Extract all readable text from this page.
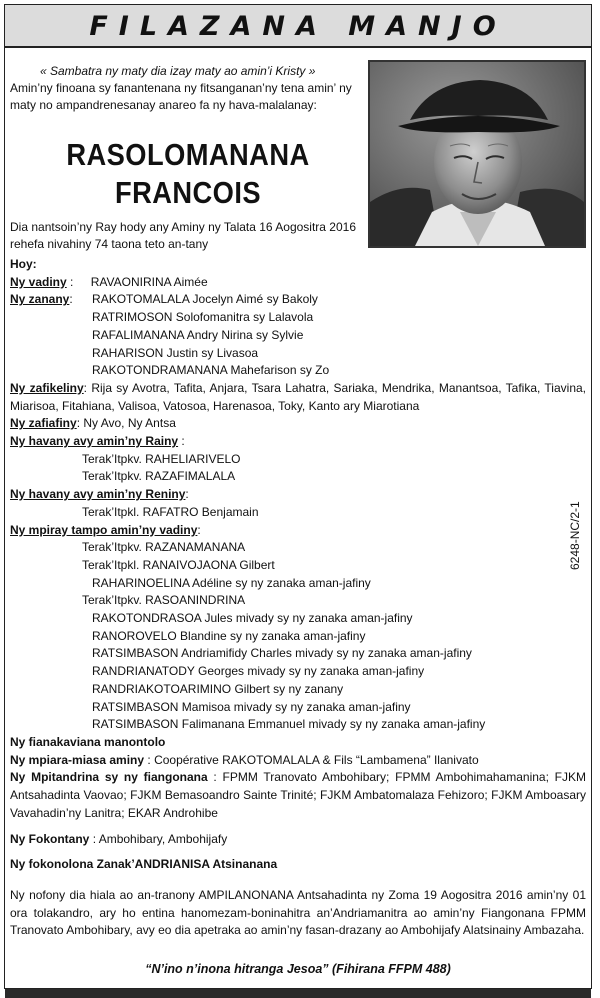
FILAZANA MANJO
« Sambatra ny maty dia izay maty ao amin’i Kristy »
Amin’ny finoana sy fanantenana ny fitsanganan’ny tena amin’ ny maty no ampandrenesanay anareo fa ny hava-malalanay:
RASOLOMANANA
FRANCOIS
Dia nantsoin’ny Ray hody any Aminy ny Talata 16 Aogositra 2016 rehefa nivahiny 74 taona teto an-tany
Hoy:
Ny vadiny : RAVAONIRINA Aimée
Ny zanany: RAKOTOMALALA Jocelyn Aimé sy Bakoly
RATRIMOSON Solofomanitra sy Lalavola
RAFALIMANANA Andry Nirina sy Sylvie
RAHARISON Justin sy Livasoa
RAKOTONDRAMANANA Mahefarison sy Zo
Ny zafikeliny: Rija sy Avotra, Tafita, Anjara, Tsara Lahatra, Sariaka, Mendrika, Manantsoa, Tafika, Tiavina, Miarisoa, Fitahiana, Valisoa, Vatosoa, Harenasoa, Toky, Kanto ary Miarotiana
Ny zafiafiny: Ny Avo, Ny Antsa
Ny havany avy amin’ny Rainy :
Terak’Itpkv. RAHELIARIVELO
Terak’Itpkv. RAZAFIMALALA
Ny havany avy amin’ny Reniny:
Terak’Itpkl. RAFATRO Benjamain
Ny mpiray tampo amin’ny vadiny:
Terak’Itpkv. RAZANAMANANA
Terak’Itpkl. RANAIVOJAONA Gilbert
RAHARINOELINA Adéline sy ny zanaka aman-jafiny
Terak’Itpkv. RASOANINDRINA
RAKOTONDRASOA Jules mivady sy ny zanaka aman-jafiny
RANOROVELO Blandine sy ny zanaka aman-jafiny
RATSIMBASON Andriamifidy Charles mivady sy ny zanaka aman-jafiny
RANDRIANATODY Georges mivady sy ny zanaka aman-jafiny
RANDRIAKOTOARIMINO Gilbert sy ny zanany
RATSIMBASON Mamisoa mivady sy ny zanaka aman-jafiny
RATSIMBASON Falimanana Emmanuel mivady sy ny zanaka aman-jafiny
Ny fianakaviana manontolo
Ny mpiara-miasa aminy : Coopérative RAKOTOMALALA & Fils “Lambamena” Ilanivato
Ny Mpitandrina sy ny fiangonana : FPMM Tranovato Ambohibary; FPMM Ambohimahamanina; FJKM Antsahadinta Vaovao; FJKM Bemasoandro Sainte Trinité; FJKM Ambatomalaza Fehizoro; FJKM Amboasary Vavahadin’ny Lanitra; EKAR Androhibe
Ny Fokontany : Ambohibary, Ambohijafy
Ny fokonolona Zanak’ANDRIANISA Atsinanana
6248-NC/2-1
Ny nofony dia hiala ao an-tranony AMPILANONANA Antsahadinta ny Zoma 19 Aogositra 2016 amin’ny 01 ora tolakandro, ary ho entina hanomezam-boninahitra an’Andriamanitra ao amin’ny Fiangonana FPMM Tranovato Ambohibary, avy eo dia apetraka ao amin’ny fasan-drazany ao Ambohijafy Alatsinainy Ambazaha.
“N’ino n’inona hitranga Jesoa” (Fihirana FFPM 488)
